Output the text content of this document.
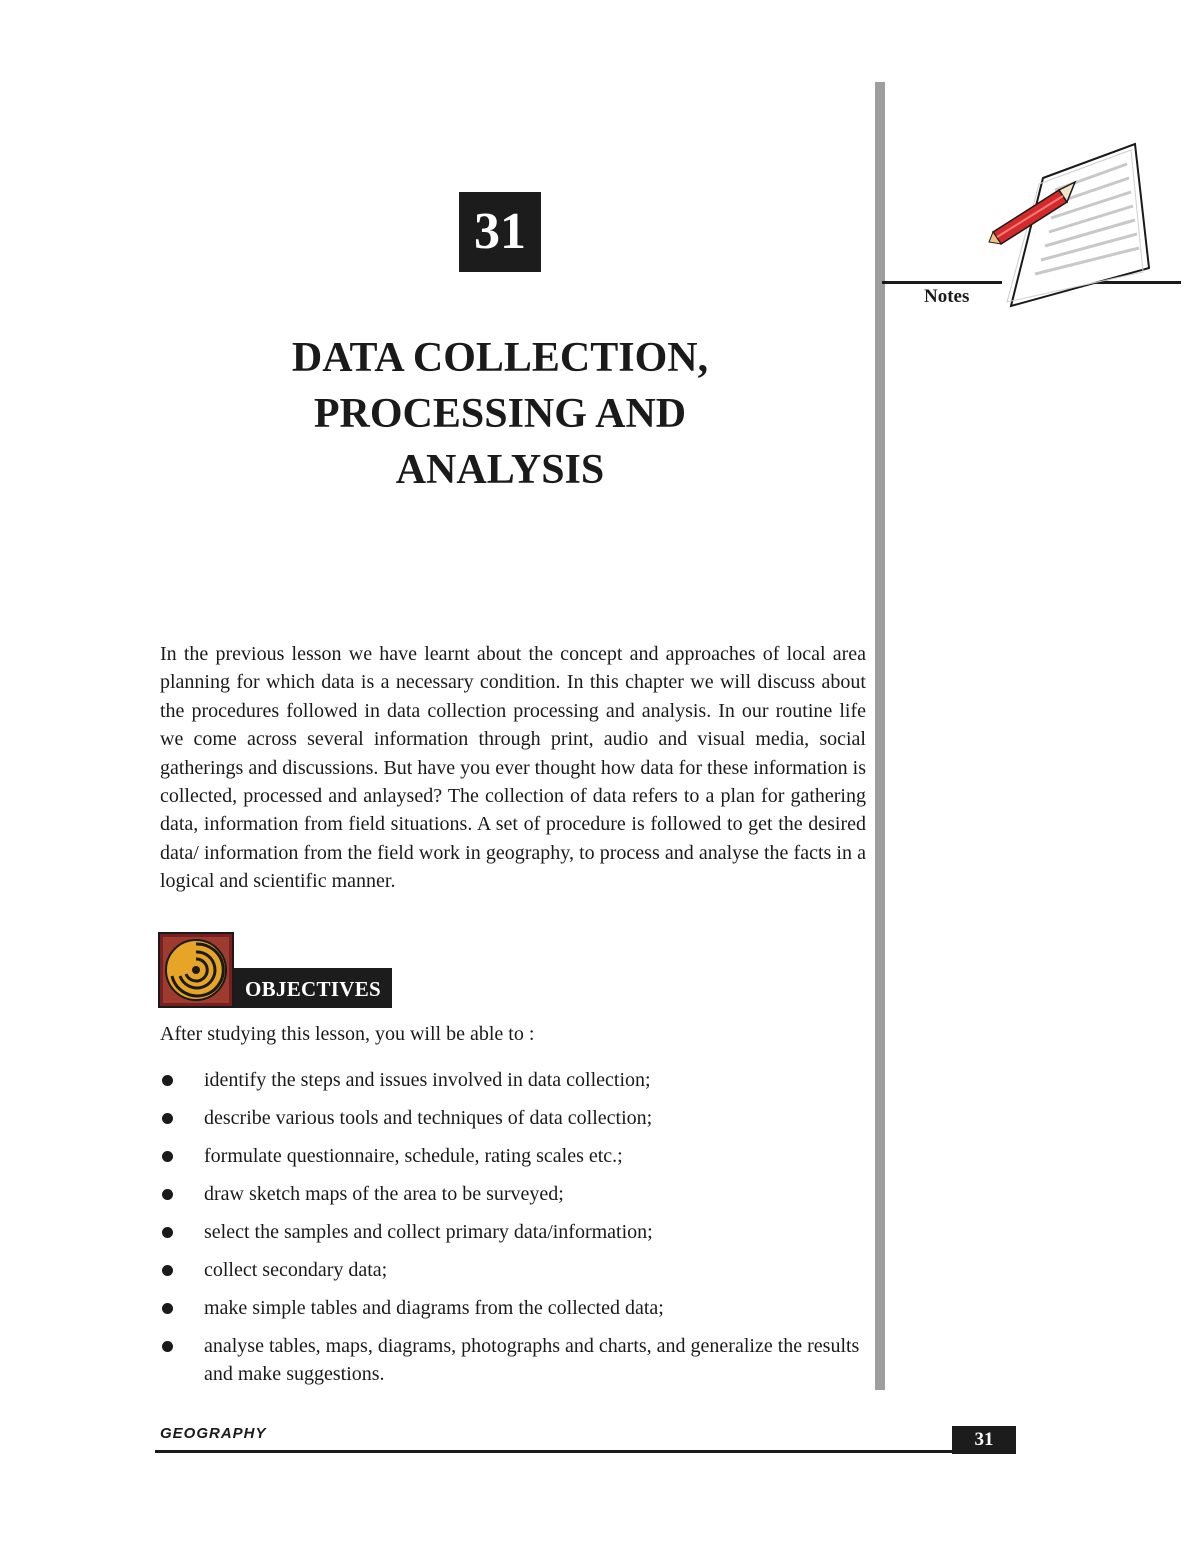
Notes
31
DATA COLLECTION,
PROCESSING AND
ANALYSIS

In the previous lesson we have learnt about the concept and approaches of local area planning for which data is a necessary condition. In this chapter we will discuss about the procedures followed in data collection processing and analysis. In our routine life we come across several information through print, audio and visual media, social gatherings and discussions. But have you ever thought how data for these information is collected, processed and anlaysed? The collection of data refers to a plan for gathering data, information from field situations. A set of procedure is followed to get the desired data/ information from the field work in geography, to process and analyse the facts in a logical and scientific manner.

OBJECTIVES
After studying this lesson, you will be able to :
identify the steps and issues involved in data collection;
describe various tools and techniques of data collection;
formulate questionnaire, schedule, rating scales etc.;
draw sketch maps of the area to be surveyed;
select the samples and collect primary data/information;
collect secondary data;
make simple tables and diagrams from the collected data;
analyse tables, maps, diagrams, photographs and charts, and generalize the results and make suggestions.
GEOGRAPHY	31
